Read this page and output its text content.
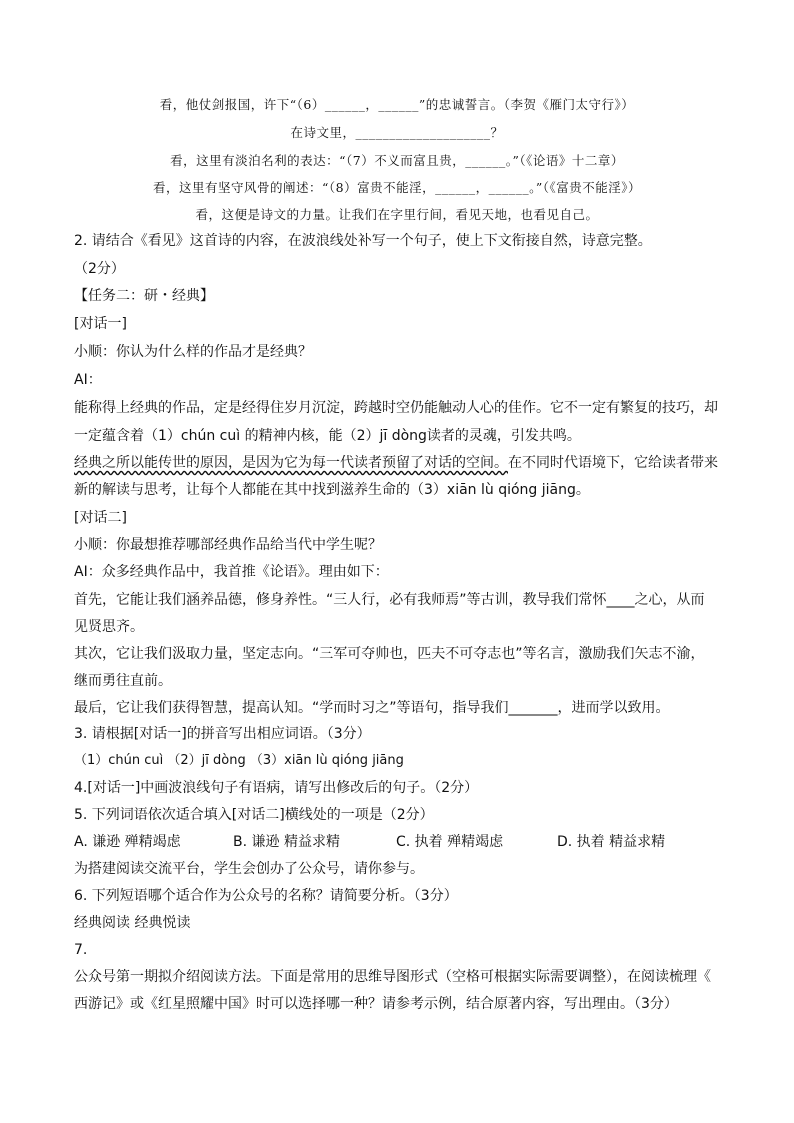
看，他仗剑报国，许下“（6）______，______”的忠诚誓言。（李贺《雁门太守行》）
在诗文里，____________________？
看，这里有淡泊名利的表达：“（7）不义而富且贵，______。”（《论语》十二章）
看，这里有坚守风骨的阐述：“（8）富贵不能淫，______，______。”（《富贵不能淫》）
看，这便是诗文的力量。让我们在字里行间，看见天地，也看见自己。
2. 请结合《看见》这首诗的内容，在波浪线处补写一个句子，使上下文衔接自然，诗意完整。
（2分）
【任务二：研・经典】
[对话一]
小顺：你认为什么样的作品才是经典？
AI：
能称得上经典的作品，定是经得住岁月沉淀，跨越时空仍能触动人心的佳作。它不一定有繁复的技巧，却
一定蕴含着（1）chún cuì 的精神内核，能（2）jī dòng读者的灵魂，引发共鸣。
经典之所以能传世的原因，是因为它为每一代读者预留了对话的空间。在不同时代语境下，它给读者带来
新的解读与思考，让每个人都能在其中找到滋养生命的（3）xiān lù qióng jiāng。
[对话二]
小顺：你最想推荐哪部经典作品给当代中学生呢？
AI：众多经典作品中，我首推《论语》。理由如下：
首先，它能让我们涵养品德，修身养性。“三人行，必有我师焉”等古训，教导我们常怀____之心，从而
见贤思齐。
其次，它让我们汲取力量，坚定志向。“三军可夺帅也，匹夫不可夺志也”等名言，激励我们矢志不渝，
继而勇往直前。
最后，它让我们获得智慧，提高认知。“学而时习之”等语句，指导我们_______，进而学以致用。
3. 请根据[对话一]的拼音写出相应词语。（3分）
（1）chún cuì （2）jī dòng （3）xiān lù qióng jiāng
4.[对话一]中画波浪线句子有语病，请写出修改后的句子。（2分）
5. 下列词语依次适合填入[对话二]横线处的一项是（2分）
A. 谦逊 殚精竭虑	B. 谦逊 精益求精	C. 执着 殚精竭虑	D. 执着 精益求精
为搭建阅读交流平台，学生会创办了公众号，请你参与。
6. 下列短语哪个适合作为公众号的名称？请简要分析。（3分）
经典阅读 经典悦读
7.
公众号第一期拟介绍阅读方法。下面是常用的思维导图形式（空格可根据实际需要调整），在阅读梳理《
西游记》或《红星照耀中国》时可以选择哪一种？请参考示例，结合原著内容，写出理由。（3分）
